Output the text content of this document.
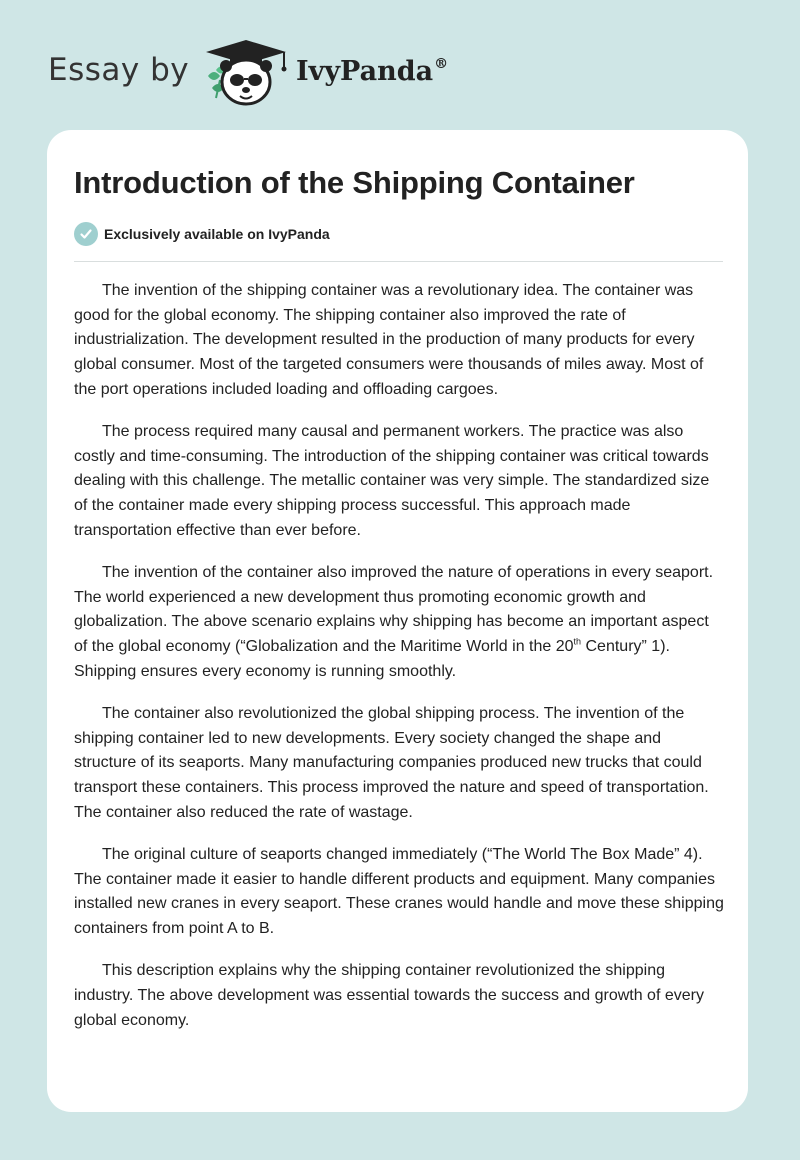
Essay by	IvyPanda®
Introduction of the Shipping Container
Exclusively available on IvyPanda

The invention of the shipping container was a revolutionary idea. The container was good for the global economy. The shipping container also improved the rate of industrialization. The development resulted in the production of many products for every global consumer. Most of the targeted consumers were thousands of miles away. Most of the port operations included loading and offloading cargoes.

The process required many causal and permanent workers. The practice was also costly and time-consuming. The introduction of the shipping container was critical towards dealing with this challenge. The metallic container was very simple. The standardized size of the container made every shipping process successful. This approach made transportation effective than ever before.

The invention of the container also improved the nature of operations in every seaport. The world experienced a new development thus promoting economic growth and globalization. The above scenario explains why shipping has become an important aspect of the global economy (“Globalization and the Maritime World in the 20th Century” 1). Shipping ensures every economy is running smoothly.

The container also revolutionized the global shipping process. The invention of the shipping container led to new developments. Every society changed the shape and structure of its seaports. Many manufacturing companies produced new trucks that could transport these containers. This process improved the nature and speed of transportation. The container also reduced the rate of wastage.

The original culture of seaports changed immediately (“The World The Box Made” 4). The container made it easier to handle different products and equipment. Many companies installed new cranes in every seaport. These cranes would handle and move these shipping containers from point A to B.

This description explains why the shipping container revolutionized the shipping industry. The above development was essential towards the success and growth of every global economy.
